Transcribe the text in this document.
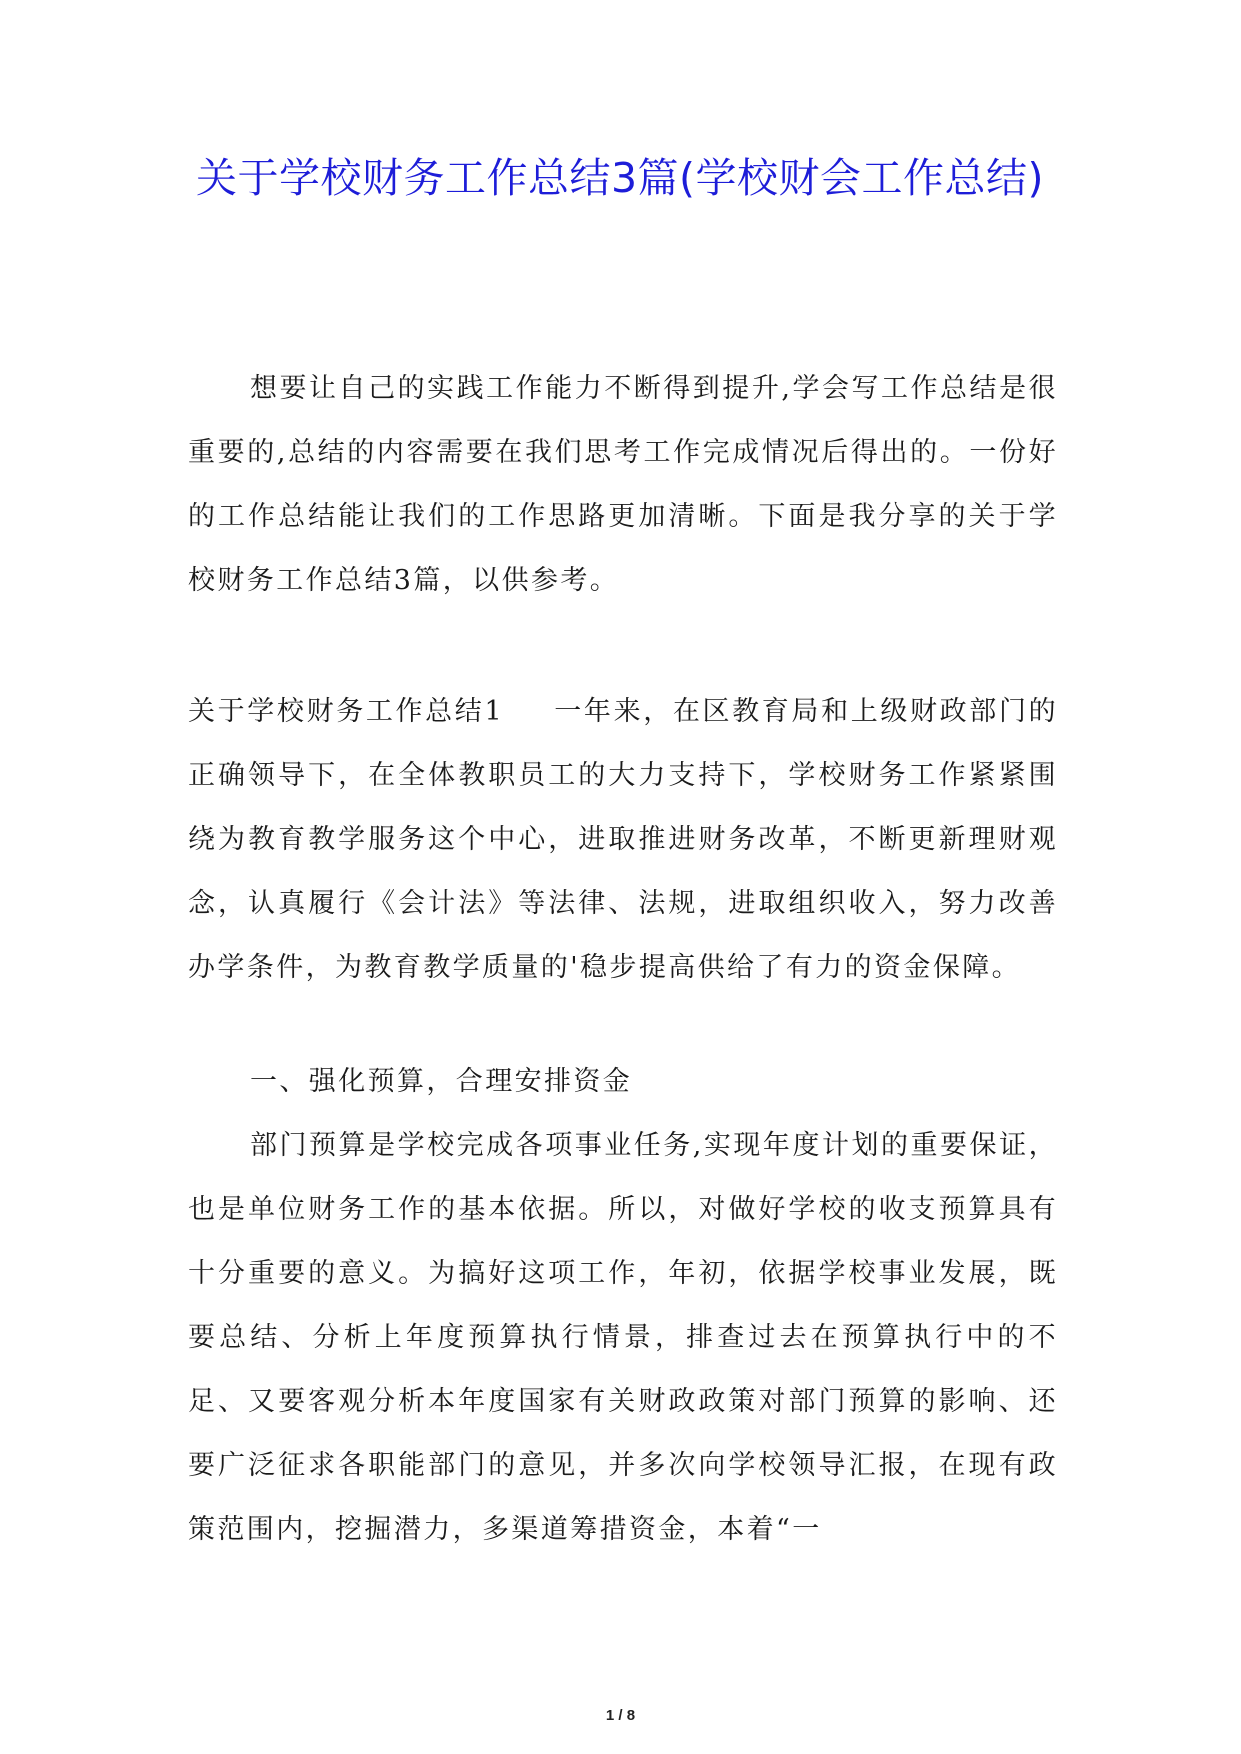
关于学校财务工作总结3篇(学校财会工作总结)

想要让自己的实践工作能力不断得到提升,学会写工作总结是很重要的,总结的内容需要在我们思考工作完成情况后得出的。一份好的工作总结能让我们的工作思路更加清晰。下面是我分享的关于学校财务工作总结3篇，以供参考。

关于学校财务工作总结1 一年来，在区教育局和上级财政部门的正确领导下，在全体教职员工的大力支持下，学校财务工作紧紧围绕为教育教学服务这个中心，进取推进财务改革，不断更新理财观念，认真履行《会计法》等法律、法规，进取组织收入，努力改善办学条件，为教育教学质量的'稳步提高供给了有力的资金保障。

一、强化预算，合理安排资金

部门预算是学校完成各项事业任务,实现年度计划的重要保证，也是单位财务工作的基本依据。所以，对做好学校的收支预算具有十分重要的意义。为搞好这项工作，年初，依据学校事业发展，既要总结、分析上年度预算执行情景，排查过去在预算执行中的不足、又要客观分析本年度国家有关财政政策对部门预算的影响、还要广泛征求各职能部门的意见，并多次向学校领导汇报，在现有政策范围内，挖掘潜力，多渠道筹措资金，本着“一

1 / 8
